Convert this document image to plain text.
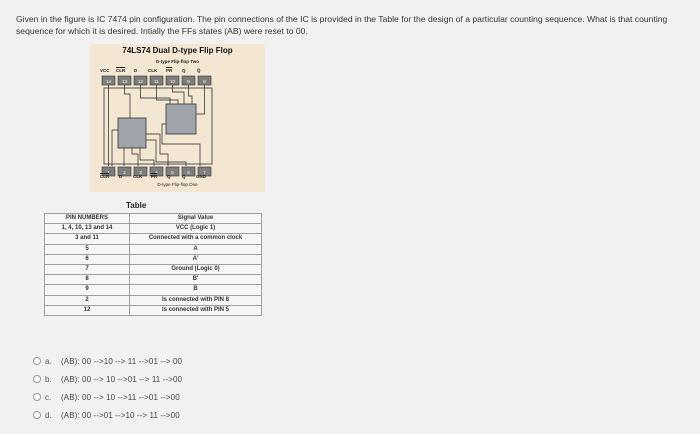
Given in the figure is IC 7474 pin configuration. The pin connections of the IC is provided in the Table for the design of a particular counting sequence. What is that counting sequence for which it is desired. Intially the FFs states (AB) were reset to 00.

74LS74 Dual D-type Flip Flop
D-type Flip-flop Two
VCC $\overline{CLR}$ D CLK $\overline{PR}$ Q	Q̄
14 13 12 11 10	9	8
1	2	3	4	5	6	7
$\overline{CLR}$ D CLK $\overline{PR}$ Q	Q̄ GND
D-type Flip-flop One
Table
PIN NUMBERS	Signal Value
1, 4, 10, 13 and 14	VCC (Logic 1)
3 and 11	Connected with a common clock
5	A
6	A'
7	Ground (Logic 0)
8	B'
9	B
2	Is connected with PIN 8
12	Is connected with PIN 5
a.	(AB): 00 -->10 --> 11 -->01 --> 00
b.	(AB): 00 --> 10 -->01 --> 11 -->00
c.	(AB): 00 --> 10 -->11 -->01 -->00
d.	(AB): 00 -->01 -->10 --> 11 -->00
